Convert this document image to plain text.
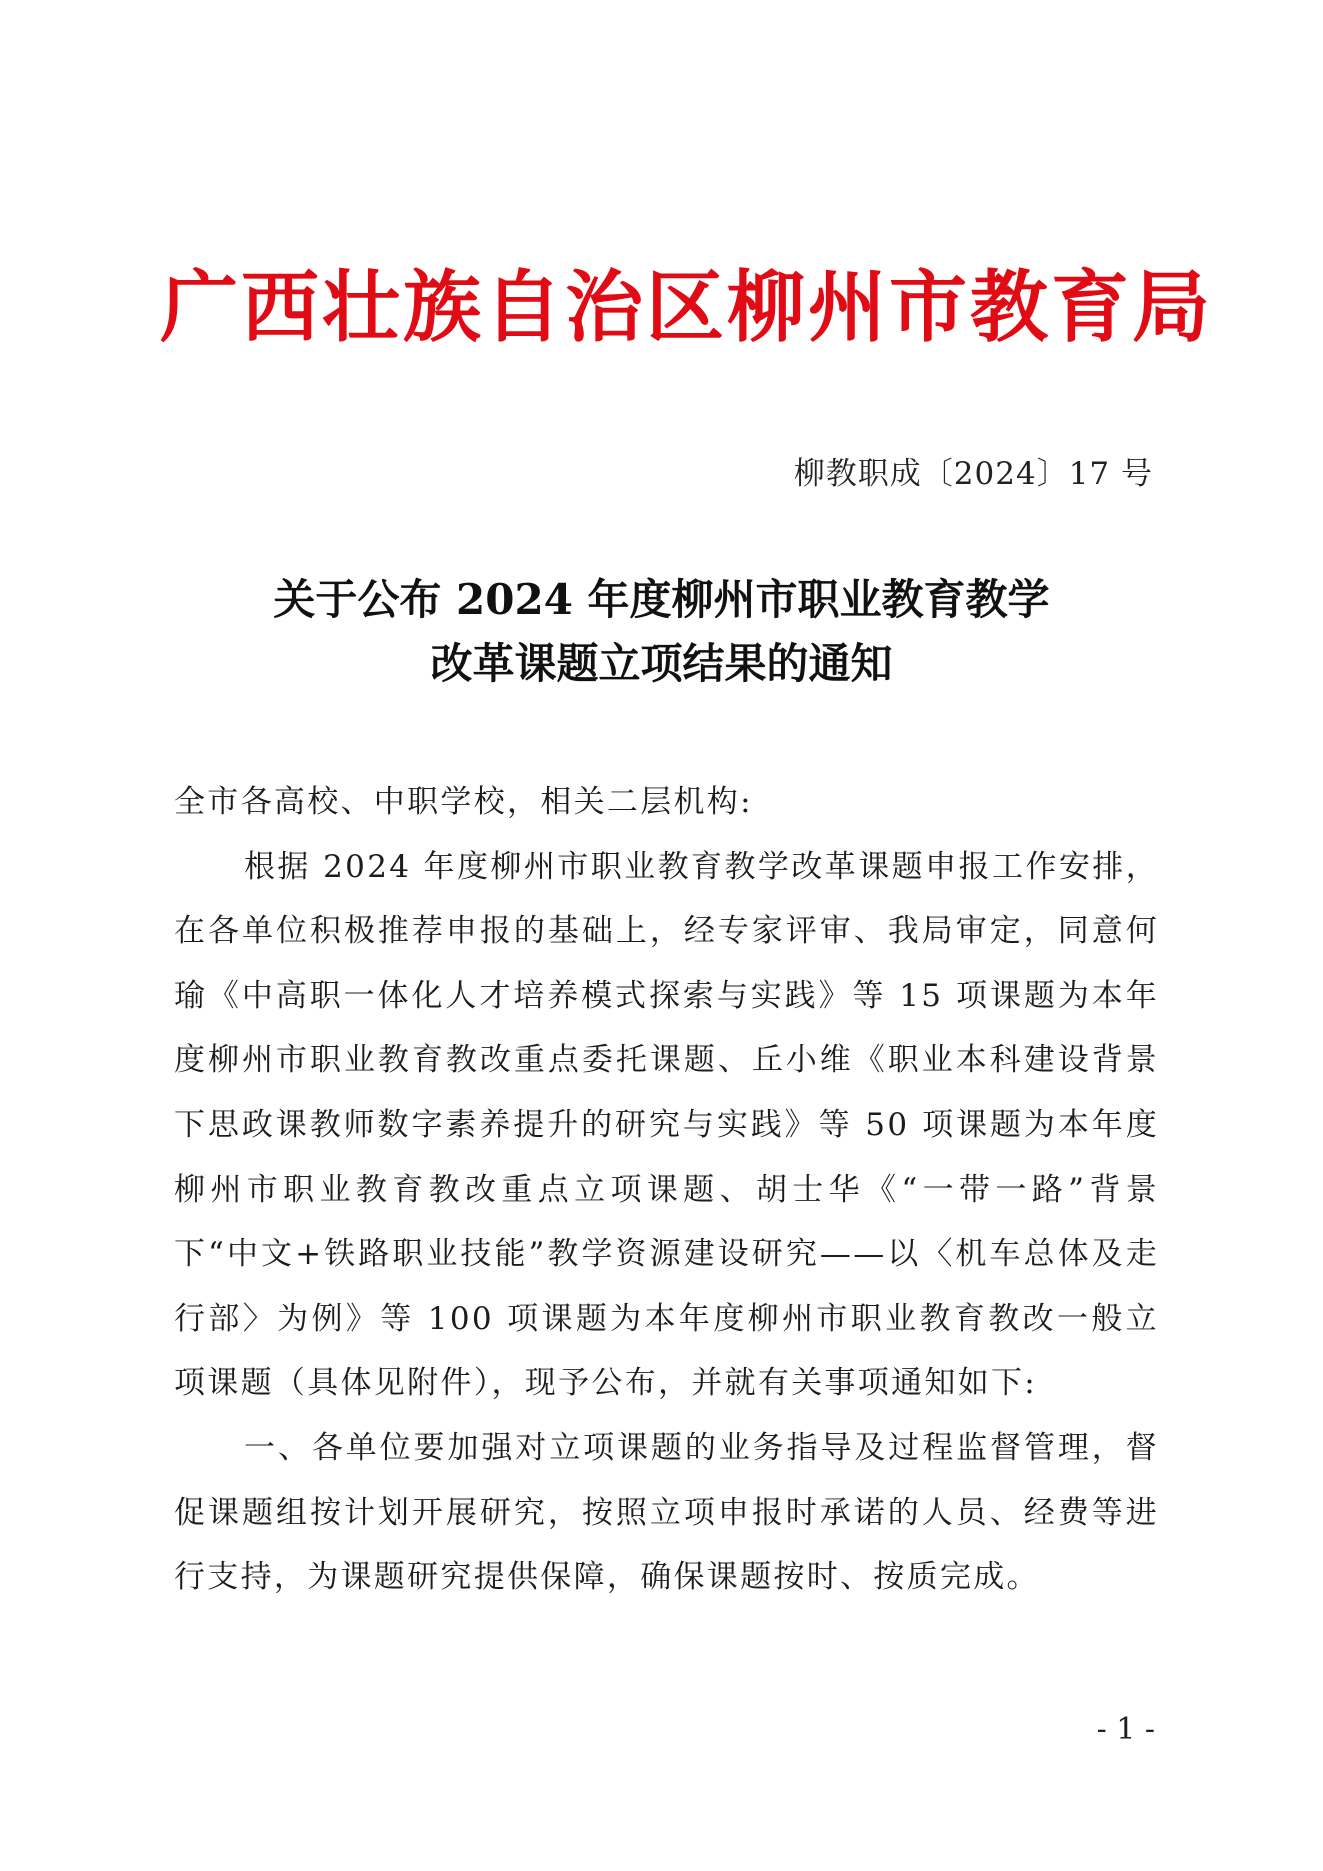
广西壮族自治区柳州市教育局
柳教职成〔2024〕17 号
关于公布 2024 年度柳州市职业教育教学
改革课题立项结果的通知

全市各高校、中职学校，相关二层机构:

根据 2024 年度柳州市职业教育教学改革课题申报工作安排，在各单位积极推荐申报的基础上，经专家评审、我局审定，同意何瑜《中高职一体化人才培养模式探索与实践》等 15 项课题为本年度柳州市职业教育教改重点委托课题、丘小维《职业本科建设背景下思政课教师数字素养提升的研究与实践》等 50 项课题为本年度柳州市职业教育教改重点立项课题、胡士华《“一带一路”背景下“中文+铁路职业技能”教学资源建设研究——以〈机车总体及走行部〉为例》等 100 项课题为本年度柳州市职业教育教改一般立项课题（具体见附件），现予公布，并就有关事项通知如下:

一、各单位要加强对立项课题的业务指导及过程监督管理，督促课题组按计划开展研究，按照立项申报时承诺的人员、经费等进行支持，为课题研究提供保障，确保课题按时、按质完成。

- 1 -
